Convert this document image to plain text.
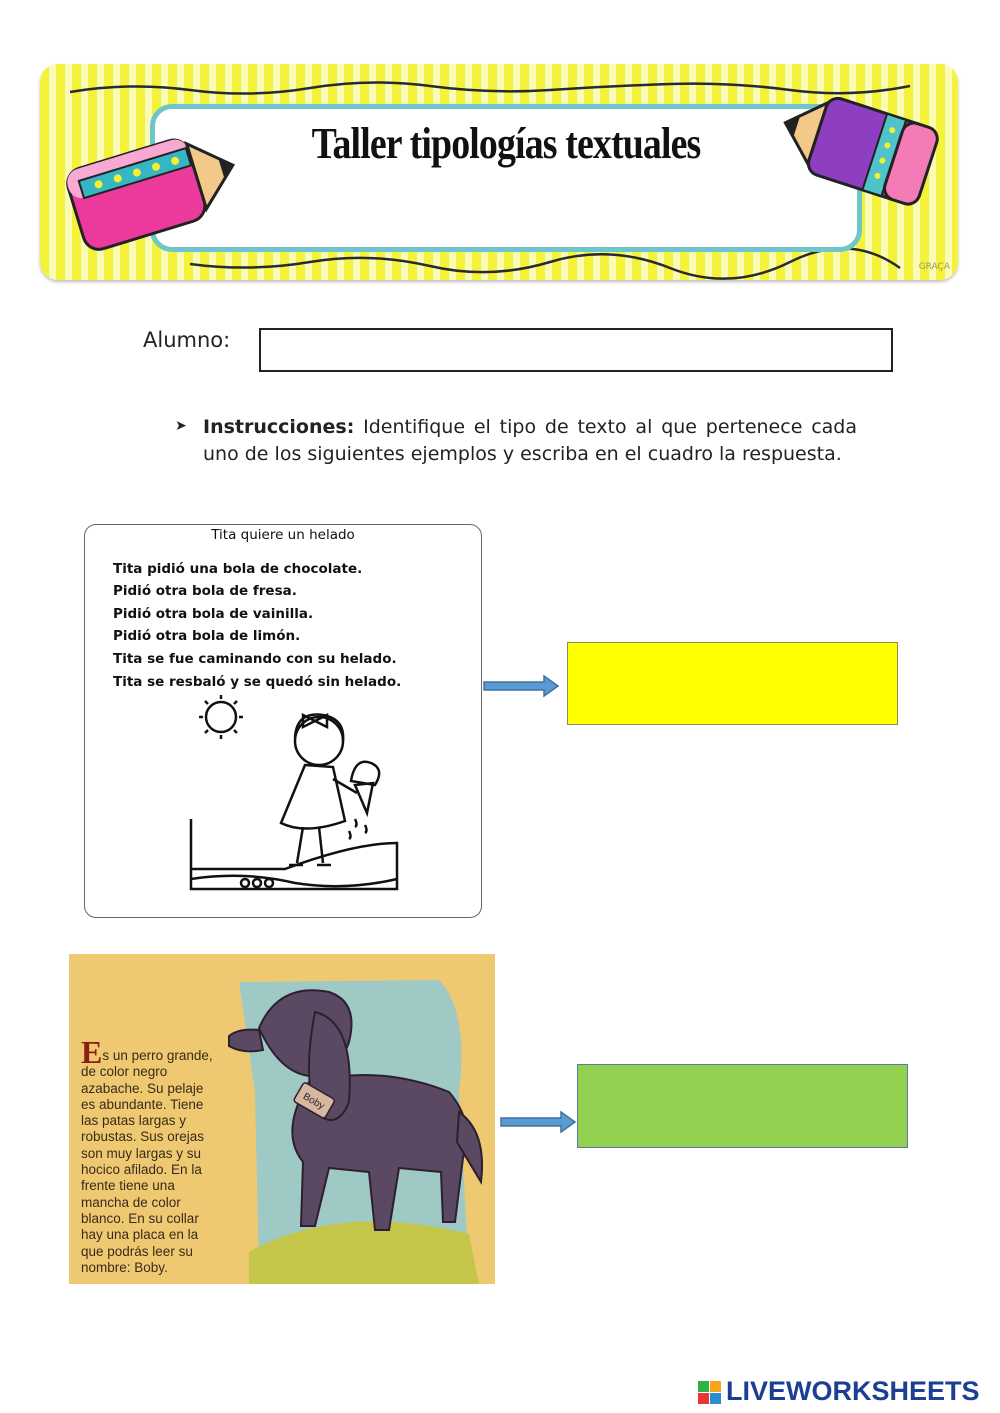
Taller tipologías textuales
GRAÇA
Alumno:
➤ Instrucciones: Identifique el tipo de texto al que pertenece cada uno de los siguientes ejemplos y escriba en el cuadro la respuesta.
Tita quiere un helado
Tita pidió una bola de chocolate.
Pidió otra bola de fresa.
Pidió otra bola de vainilla.
Pidió otra bola de limón.
Tita se fue caminando con su helado.
Tita se resbaló y se quedó sin helado.
Boby
Es un perro grande,
de color negro
azabache. Su pelaje
es abundante. Tiene
las patas largas y
robustas. Sus orejas
son muy largas y su
hocico afilado. En la
frente tiene una
mancha de color
blanco. En su collar
hay una placa en la
que podrás leer su
nombre: Boby.
LIVEWORKSHEETS
